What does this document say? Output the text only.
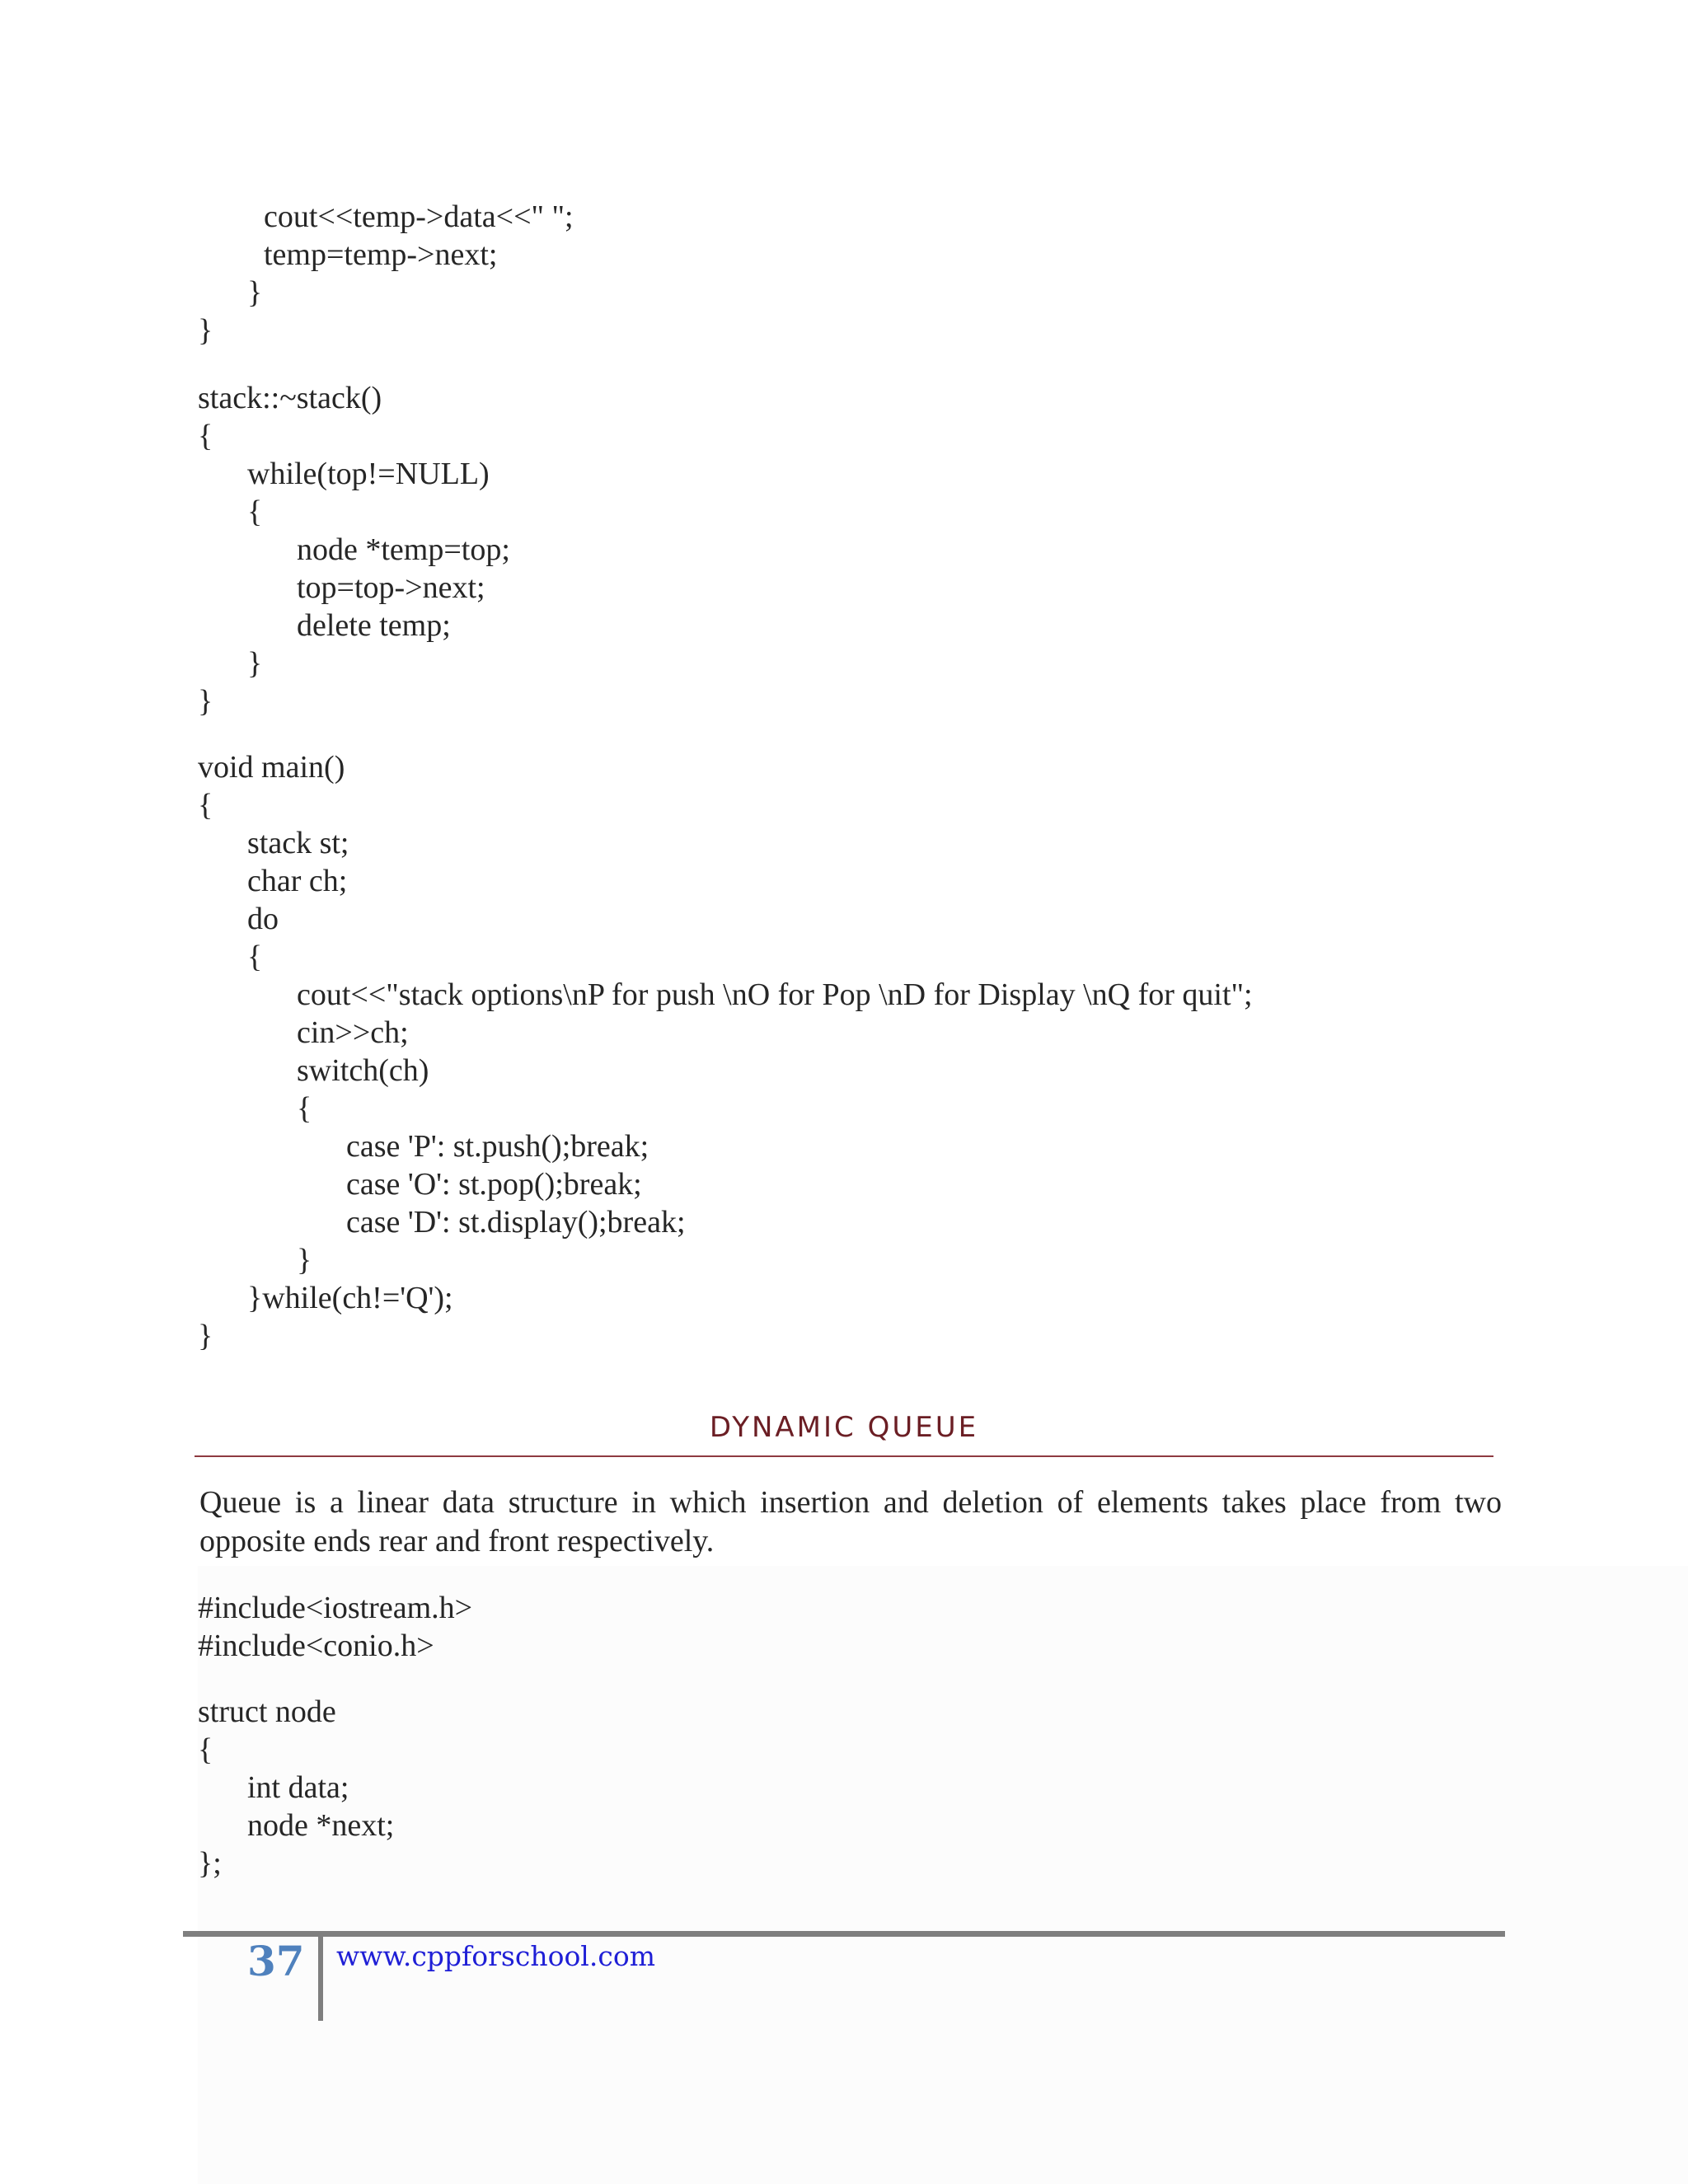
cout<<temp->data<<" ";
temp=temp->next;
}
}
stack::~stack()
{
while(top!=NULL)
{
node *temp=top;
top=top->next;
delete temp;
}
}
void main()
{
stack st;
char ch;
do
{
cout<<"stack options\nP for push \nO for Pop \nD for Display \nQ for quit";
cin>>ch;
switch(ch)
{
case 'P': st.push();break;
case 'O': st.pop();break;
case 'D': st.display();break;
}
}while(ch!='Q');
}
DYNAMIC QUEUE

Queue is a linear data structure in which insertion and deletion of elements takes place from two opposite ends rear and front respectively.

#include<iostream.h>
#include<conio.h>
struct node
{
int data;
node *next;
};
37 www.cppforschool.com
